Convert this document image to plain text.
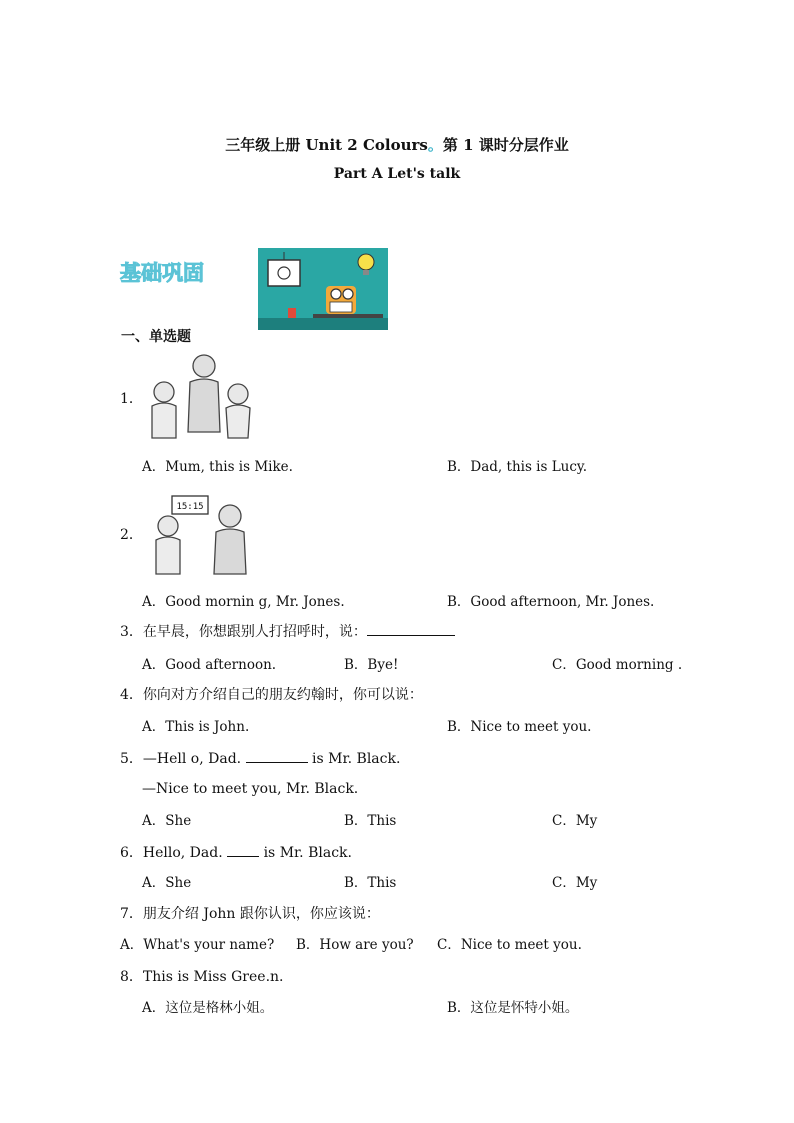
三年级上册 Unit 2 Colours。第 1 课时分层作业
Part A Let's talk
基础巩固
一、单选题
1．
A．Mum, this is Mike.	B．Dad, this is Lucy.
2．
15:15
A．Good mornin g, Mr. Jones.	B．Good afternoon, Mr. Jones.
3．在早晨，你想跟别人打招呼时，说：
A．Good afternoon.	B．Bye!	C．Good morning .
4．你向对方介绍自己的朋友约翰时，你可以说：
A．This is John.	B．Nice to meet you.
5．—Hell o, Dad.	is Mr. Black.
—Nice to meet you, Mr. Black.
A．She	B．This	C．My
6．Hello, Dad.	is Mr. Black.
A．She	B．This	C．My
7．朋友介绍 John 跟你认识，你应该说：
A．What's your name? B．How are you? C．Nice to meet you.
8．This is Miss Gree.n.
A．这位是格林小姐。	B．这位是怀特小姐。
